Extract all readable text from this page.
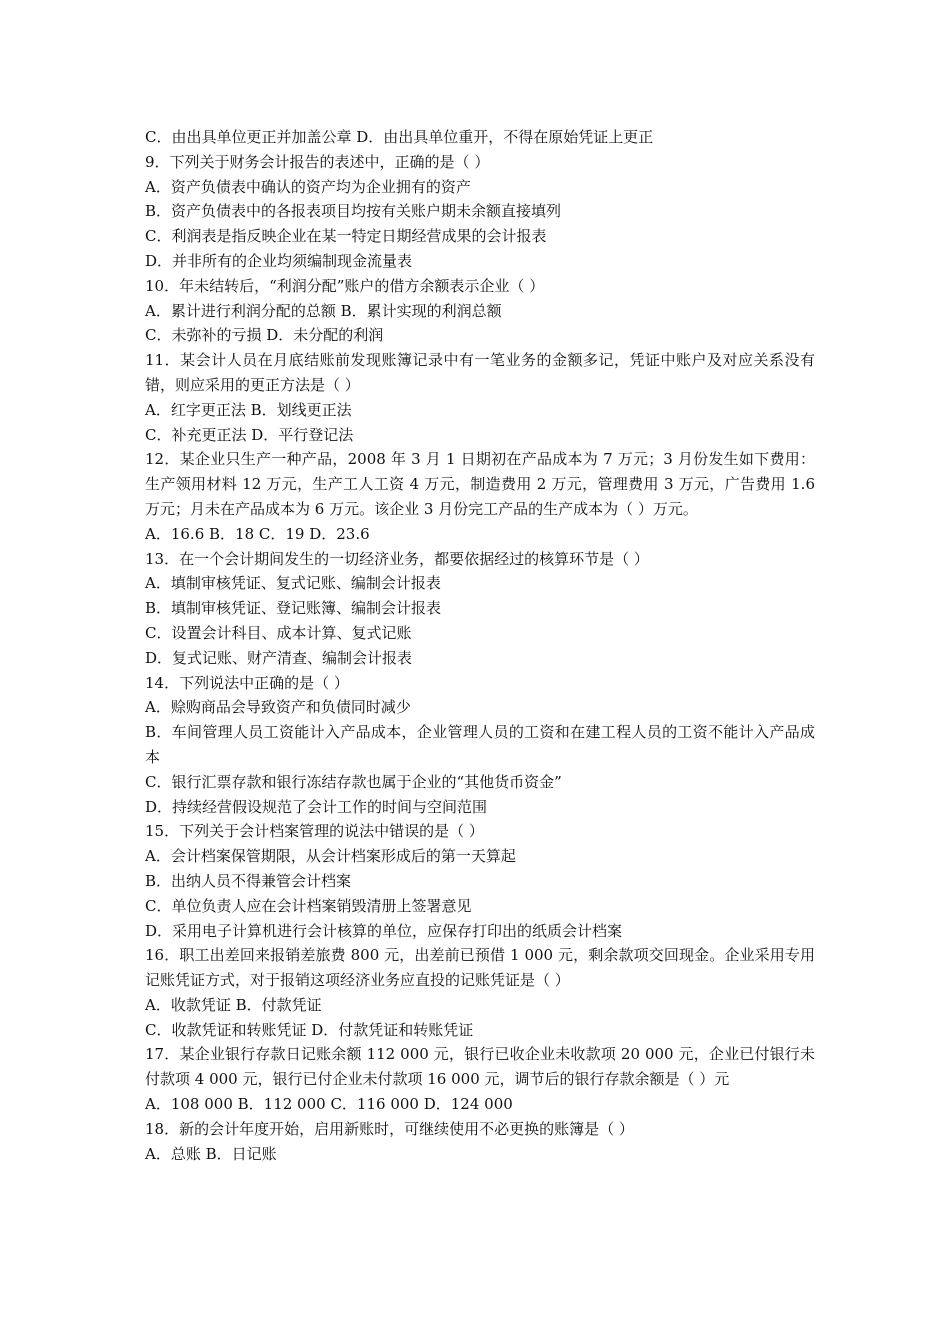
C．由出具单位更正并加盖公章 D．由出具单位重开，不得在原始凭证上更正
9．下列关于财务会计报告的表述中，正确的是（ ）
A．资产负债表中确认的资产均为企业拥有的资产
B．资产负债表中的各报表项目均按有关账户期未余额直接填列
C．利润表是指反映企业在某一特定日期经营成果的会计报表
D．并非所有的企业均须编制现金流量表
10．年未结转后，“利润分配”账户的借方余额表示企业（ ）
A．累计进行利润分配的总额 B．累计实现的利润总额
C．未弥补的亏损 D．未分配的利润
11．某会计人员在月底结账前发现账簿记录中有一笔业务的金额多记，凭证中账户及对应关系没有错，则应采用的更正方法是（ ）
A．红字更正法 B．划线更正法
C．补充更正法 D．平行登记法
12．某企业只生产一种产品，2008 年 3 月 1 日期初在产品成本为 7 万元；3 月份发生如下费用：生产领用材料 12 万元，生产工人工资 4 万元，制造费用 2 万元，管理费用 3 万元，广告费用 1.6 万元；月未在产品成本为 6 万元。该企业 3 月份完工产品的生产成本为（ ）万元。
A．16.6 B．18 C．19 D．23.6
13．在一个会计期间发生的一切经济业务，都要依据经过的核算环节是（ ）
A．填制审核凭证、复式记账、编制会计报表
B．填制审核凭证、登记账簿、编制会计报表
C．设置会计科目、成本计算、复式记账
D．复式记账、财产清查、编制会计报表
14．下列说法中正确的是（ ）
A．赊购商品会导致资产和负债同时减少
B．车间管理人员工资能计入产品成本，企业管理人员的工资和在建工程人员的工资不能计入产品成本
C．银行汇票存款和银行冻结存款也属于企业的“其他货币资金”
D．持续经营假设规范了会计工作的时间与空间范围
15．下列关于会计档案管理的说法中错误的是（ ）
A．会计档案保管期限，从会计档案形成后的第一天算起
B．出纳人员不得兼管会计档案
C．单位负责人应在会计档案销毁清册上签署意见
D．采用电子计算机进行会计核算的单位，应保存打印出的纸质会计档案
16．职工出差回来报销差旅费 800 元，出差前已预借 1 000 元，剩余款项交回现金。企业采用专用记账凭证方式，对于报销这项经济业务应直投的记账凭证是（ ）
A．收款凭证 B．付款凭证
C．收款凭证和转账凭证 D．付款凭证和转账凭证
17．某企业银行存款日记账余额 112 000 元，银行已收企业未收款项 20 000 元，企业已付银行未付款项 4 000 元，银行已付企业未付款项 16 000 元，调节后的银行存款余额是（ ）元
A．108 000 B．112 000 C．116 000 D．124 000
18．新的会计年度开始，启用新账时，可继续使用不必更换的账簿是（ ）
A．总账 B．日记账
